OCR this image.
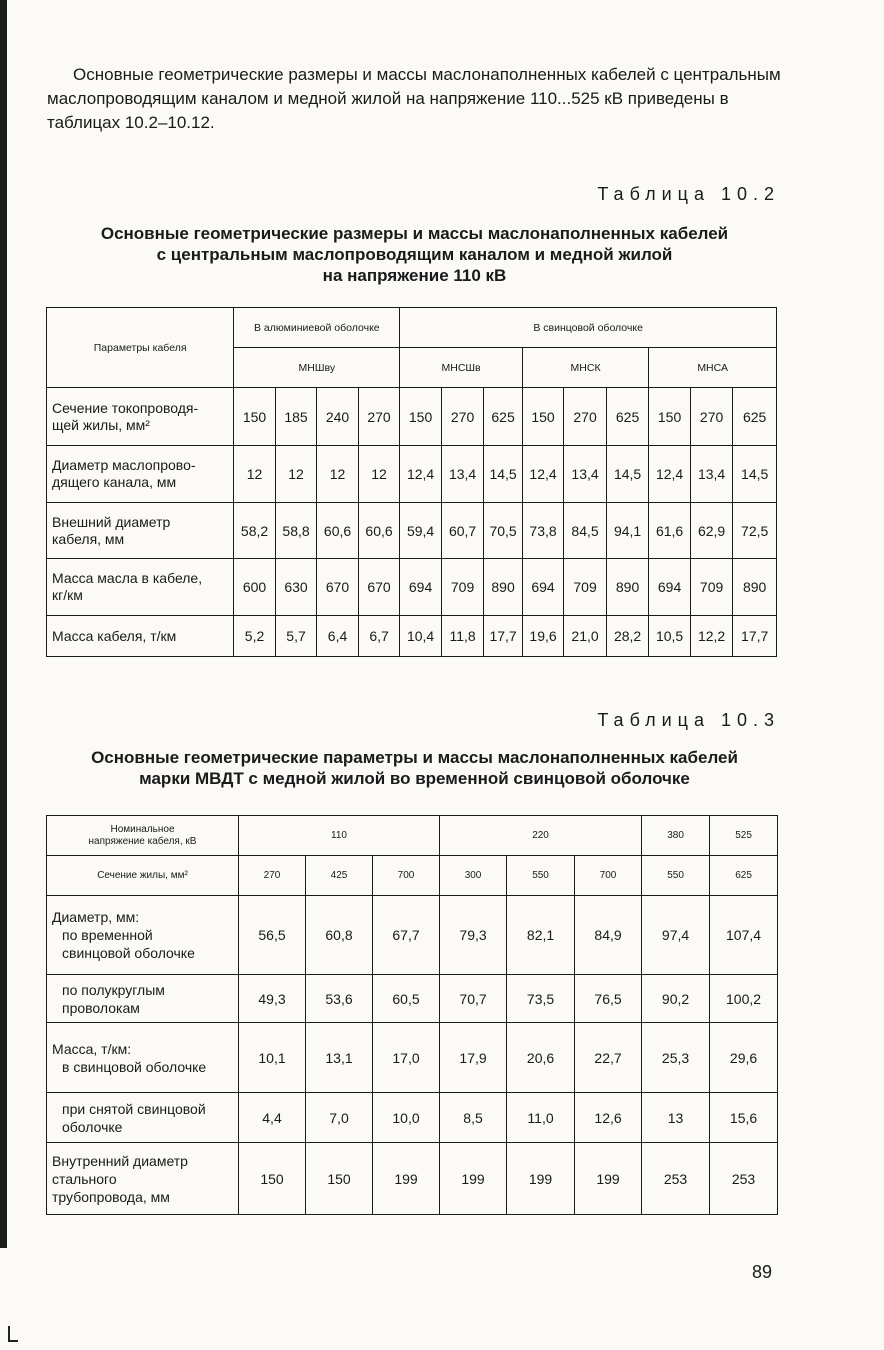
Основные геометрические размеры и массы маслонаполненных кабелей с центральным маслопроводящим каналом и медной жилой на напряжение 110...525 кВ приведены в таблицах 10.2–10.12.

Таблица 10.2

Основные геометрические размеры и массы маслонаполненных кабелей
с центральным маслопроводящим каналом и медной жилой
на напряжение 110 кВ
Параметры кабеля	В алюминиевой оболочке				В свинцовой оболочке								
	МНШву				МНСШв			МНСК			МНСА		

Сечение токопроводя-
щей жилы, мм²	150	185	240	270	150	270	625	150	270	625	150	270	625

Диаметр маслопрово-
дящего канала, мм	12	12	12	12	12,4	13,4	14,5	12,4	13,4	14,5	12,4	13,4	14,5

Внешний диаметр
кабеля, мм	58,2	58,8	60,6	60,6	59,4	60,7	70,5	73,8	84,5	94,1	61,6	62,9	72,5

Масса масла в кабеле,
кг/км	600	630	670	670	694	709	890	694	709	890	694	709	890

Масса кабеля, т/км	5,2	5,7	6,4	6,7	10,4	11,8	17,7	19,6	21,0	28,2	10,5	12,2	17,7

Таблица 10.3

Основные геометрические параметры и массы маслонаполненных кабелей
марки МВДТ с медной жилой во временной свинцовой оболочке
Номинальное
напряжение кабеля, кВ	110			220			380	525
Сечение жилы, мм²	270	425	700	300	550	700	550	625

Диаметр, мм:
по временной
свинцовой оболочке	56,5	60,8	67,7	79,3	82,1	84,9	97,4	107,4

по полукруглым
проволокам	49,3	53,6	60,5	70,7	73,5	76,5	90,2	100,2

Масса, т/км:
в свинцовой оболочке	10,1	13,1	17,0	17,9	20,6	22,7	25,3	29,6

при снятой свинцовой
оболочке	4,4	7,0	10,0	8,5	11,0	12,6	13	15,6

Внутренний диаметр
стального
трубопровода, мм	150	150	199	199	199	199	253	253

89
